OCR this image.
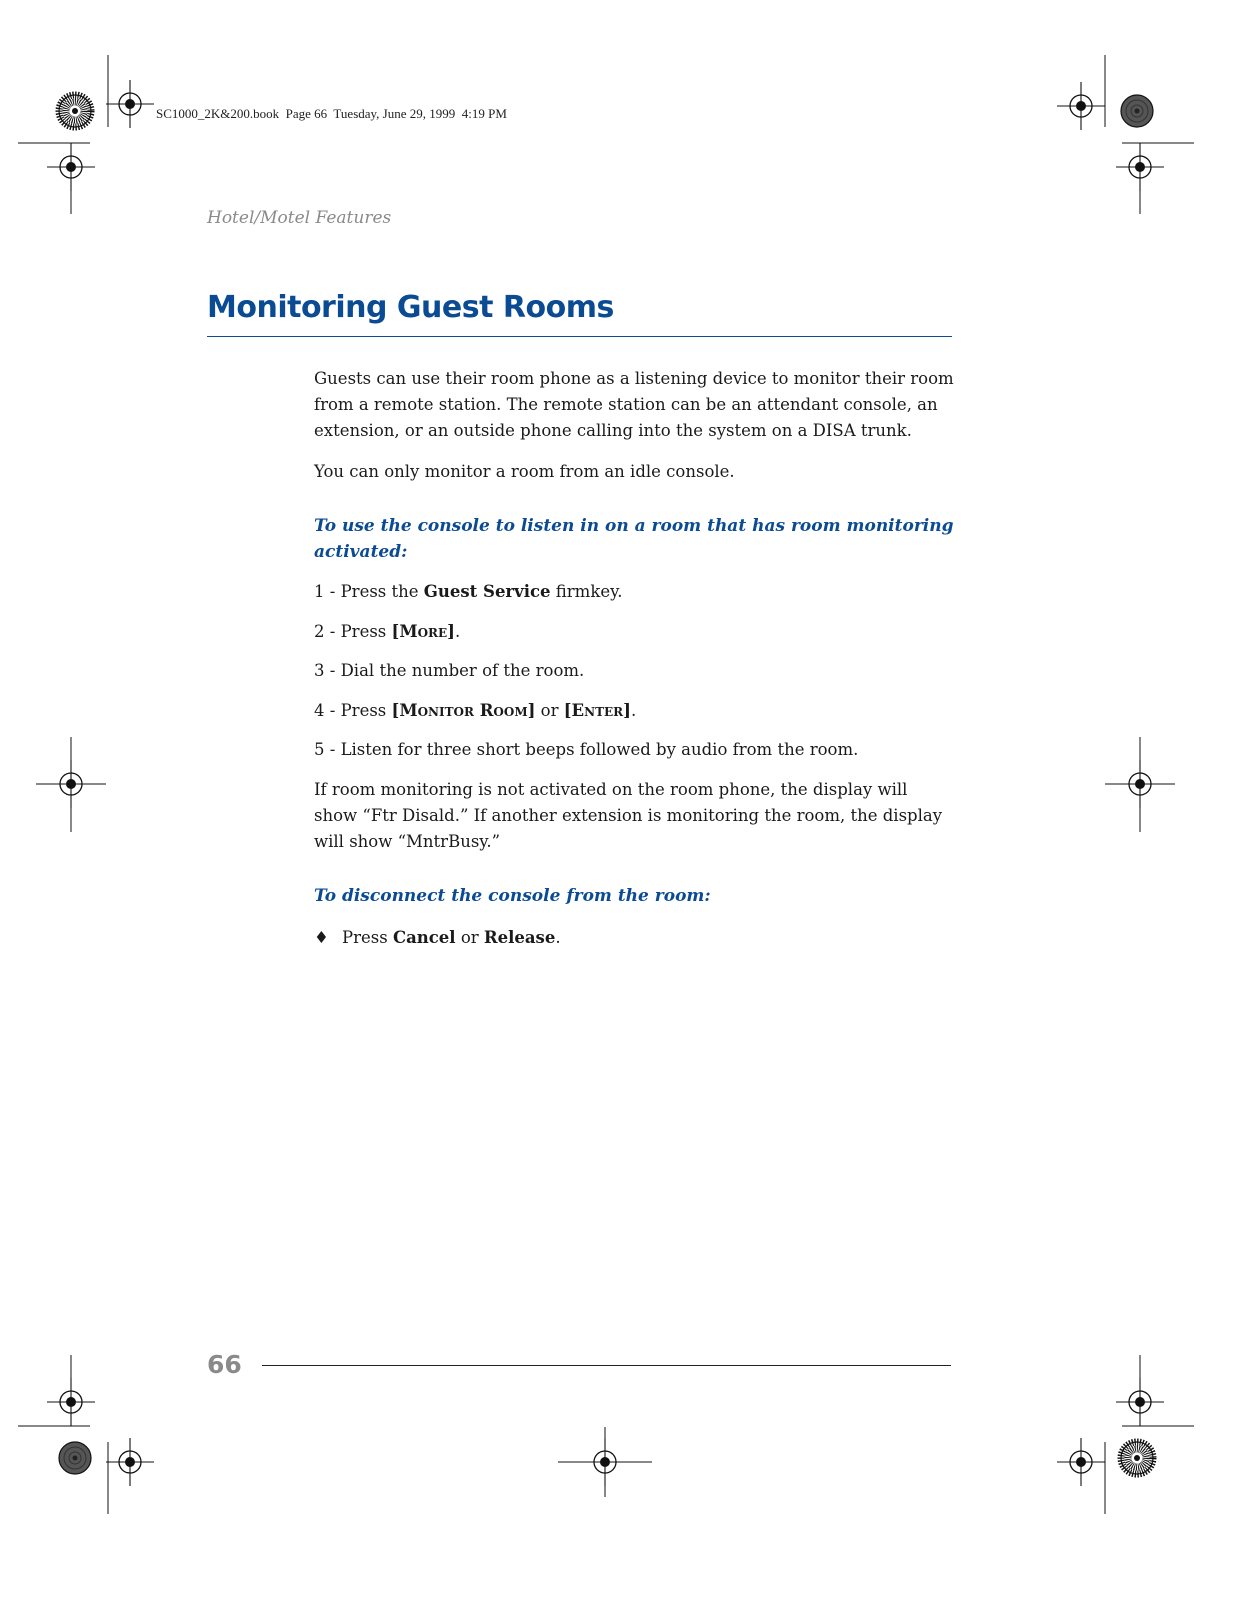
SC1000_2K&200.book  Page 66  Tuesday, June 29, 1999  4:19 PM
Hotel/Motel Features
Monitoring Guest Rooms

Guests can use their room phone as a listening device to monitor their room from a remote station. The remote station can be an attendant console, an extension, or an outside phone calling into the system on a DISA trunk.

You can only monitor a room from an idle console.

To use the console to listen in on a room that has room monitoring activated:

1 - Press the Guest Service firmkey.
2 - Press [More].
3 - Dial the number of the room.
4 - Press [Monitor Room] or [Enter].
5 - Listen for three short beeps followed by audio from the room.

If room monitoring is not activated on the room phone, the display will show “Ftr Disald.” If another extension is monitoring the room, the display will show “MntrBusy.”

To disconnect the console from the room:

♦ Press Cancel or Release.

66
